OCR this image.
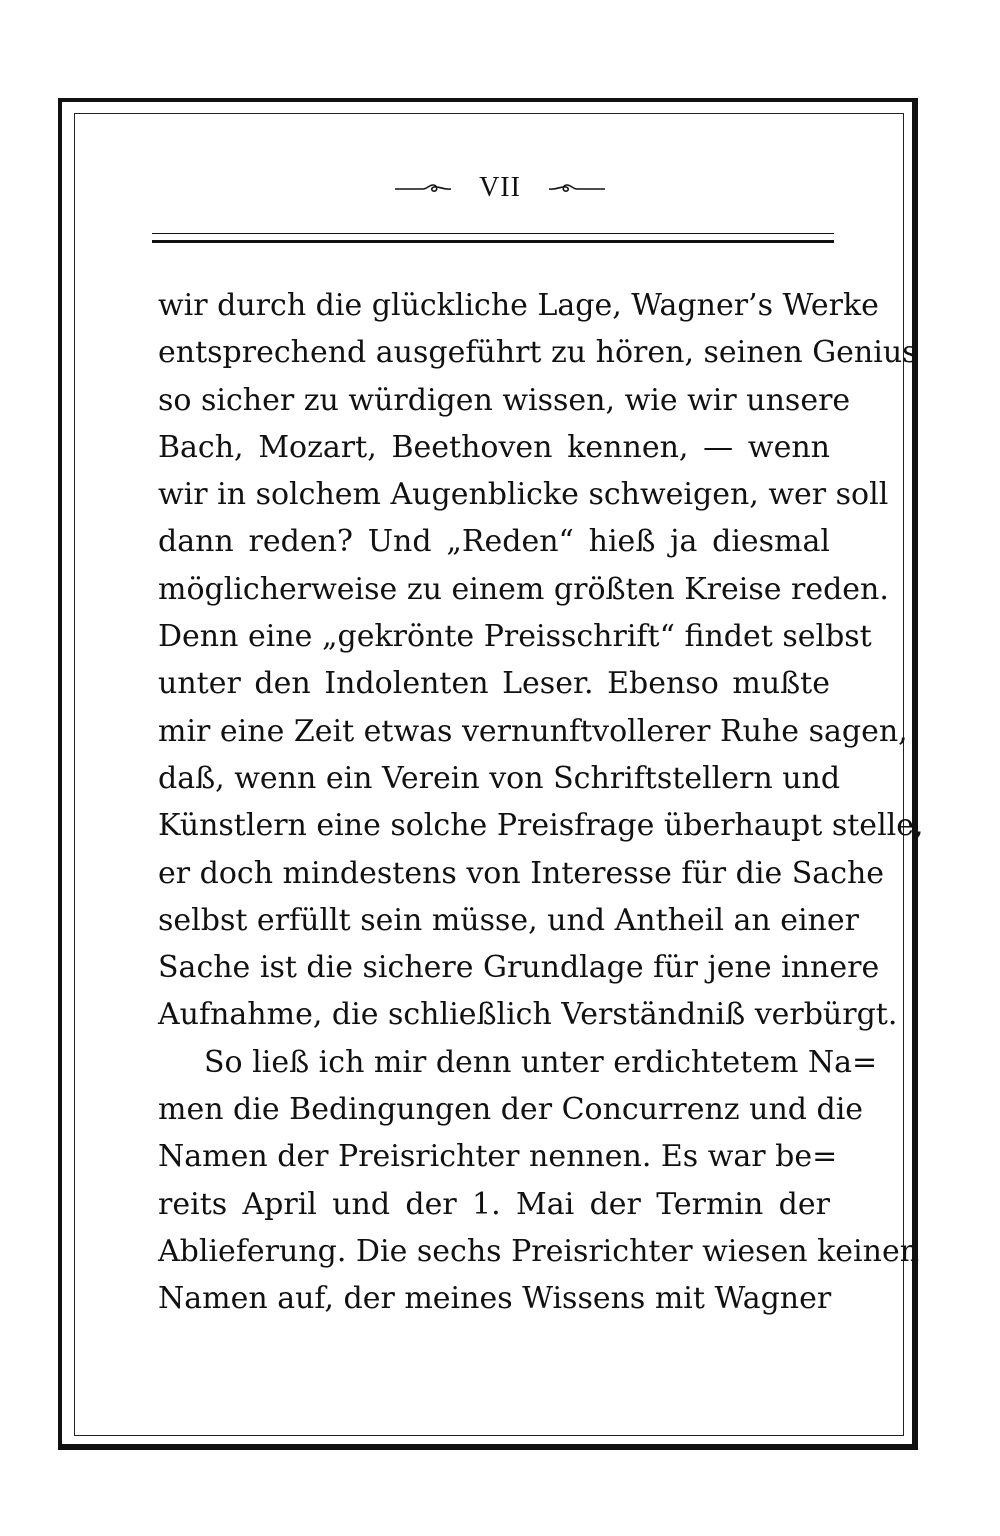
VII
wir durch die glückliche Lage, Wagner’s Werke
entsprechend ausgeführt zu hören, seinen Genius
so sicher zu würdigen wissen, wie wir unsere
Bach, Mozart, Beethoven kennen, — wenn
wir in solchem Augenblicke schweigen, wer soll
dann reden? Und „Reden“ hieß ja diesmal
möglicherweise zu einem größten Kreise reden.
Denn eine „gekrönte Preisschrift“ findet selbst
unter den Indolenten Leser. Ebenso mußte
mir eine Zeit etwas vernunftvollerer Ruhe sagen,
daß, wenn ein Verein von Schriftstellern und
Künstlern eine solche Preisfrage überhaupt stelle,
er doch mindestens von Interesse für die Sache
selbst erfüllt sein müsse, und Antheil an einer
Sache ist die sichere Grundlage für jene innere
Aufnahme, die schließlich Verständniß verbürgt.
So ließ ich mir denn unter erdichtetem Na=
men die Bedingungen der Concurrenz und die
Namen der Preisrichter nennen. Es war be=
reits April und der 1. Mai der Termin der
Ablieferung. Die sechs Preisrichter wiesen keinen
Namen auf, der meines Wissens mit Wagner
